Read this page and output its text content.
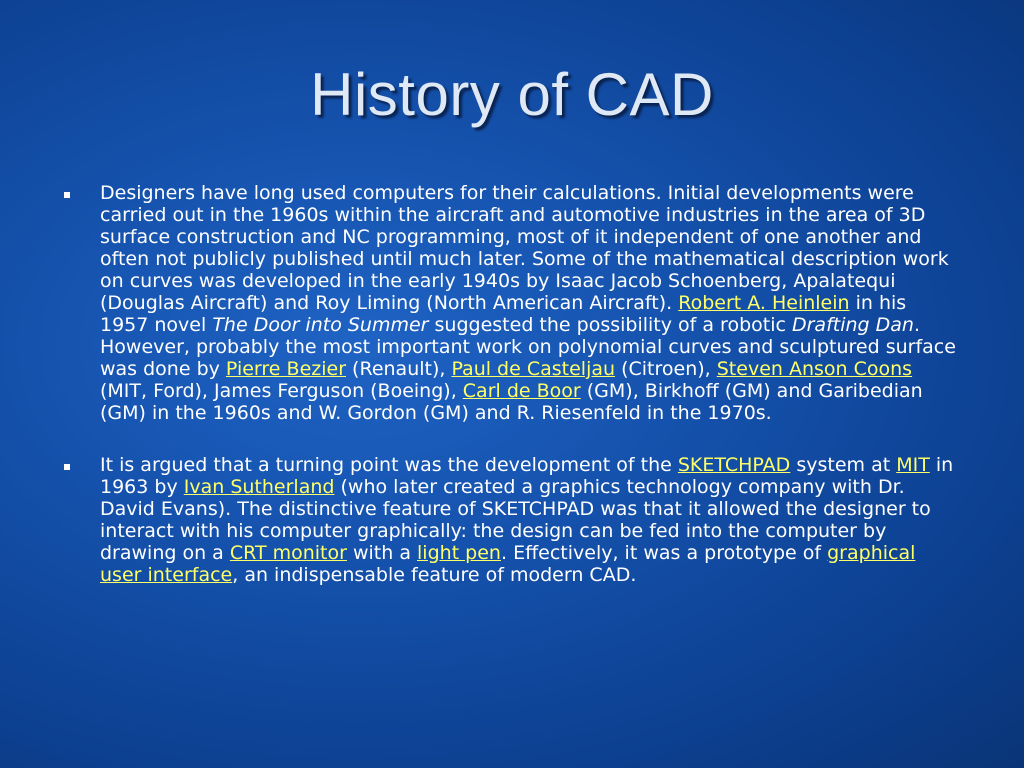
History of CAD
Designers have long used computers for their calculations. Initial developments were carried out in the 1960s within the aircraft and automotive industries in the area of 3D surface construction and NC programming, most of it independent of one another and often not publicly published until much later. Some of the mathematical description work on curves was developed in the early 1940s by Isaac Jacob Schoenberg, Apalatequi (Douglas Aircraft) and Roy Liming (North American Aircraft). Robert A. Heinlein in his 1957 novel The Door into Summer suggested the possibility of a robotic Drafting Dan. However, probably the most important work on polynomial curves and sculptured surface was done by Pierre Bezier (Renault), Paul de Casteljau (Citroen), Steven Anson Coons (MIT, Ford), James Ferguson (Boeing), Carl de Boor (GM), Birkhoff (GM) and Garibedian (GM) in the 1960s and W. Gordon (GM) and R. Riesenfeld in the 1970s.
It is argued that a turning point was the development of the SKETCHPAD system at MIT in 1963 by Ivan Sutherland (who later created a graphics technology company with Dr. David Evans). The distinctive feature of SKETCHPAD was that it allowed the designer to interact with his computer graphically: the design can be fed into the computer by drawing on a CRT monitor with a light pen. Effectively, it was a prototype of graphical user interface, an indispensable feature of modern CAD.
